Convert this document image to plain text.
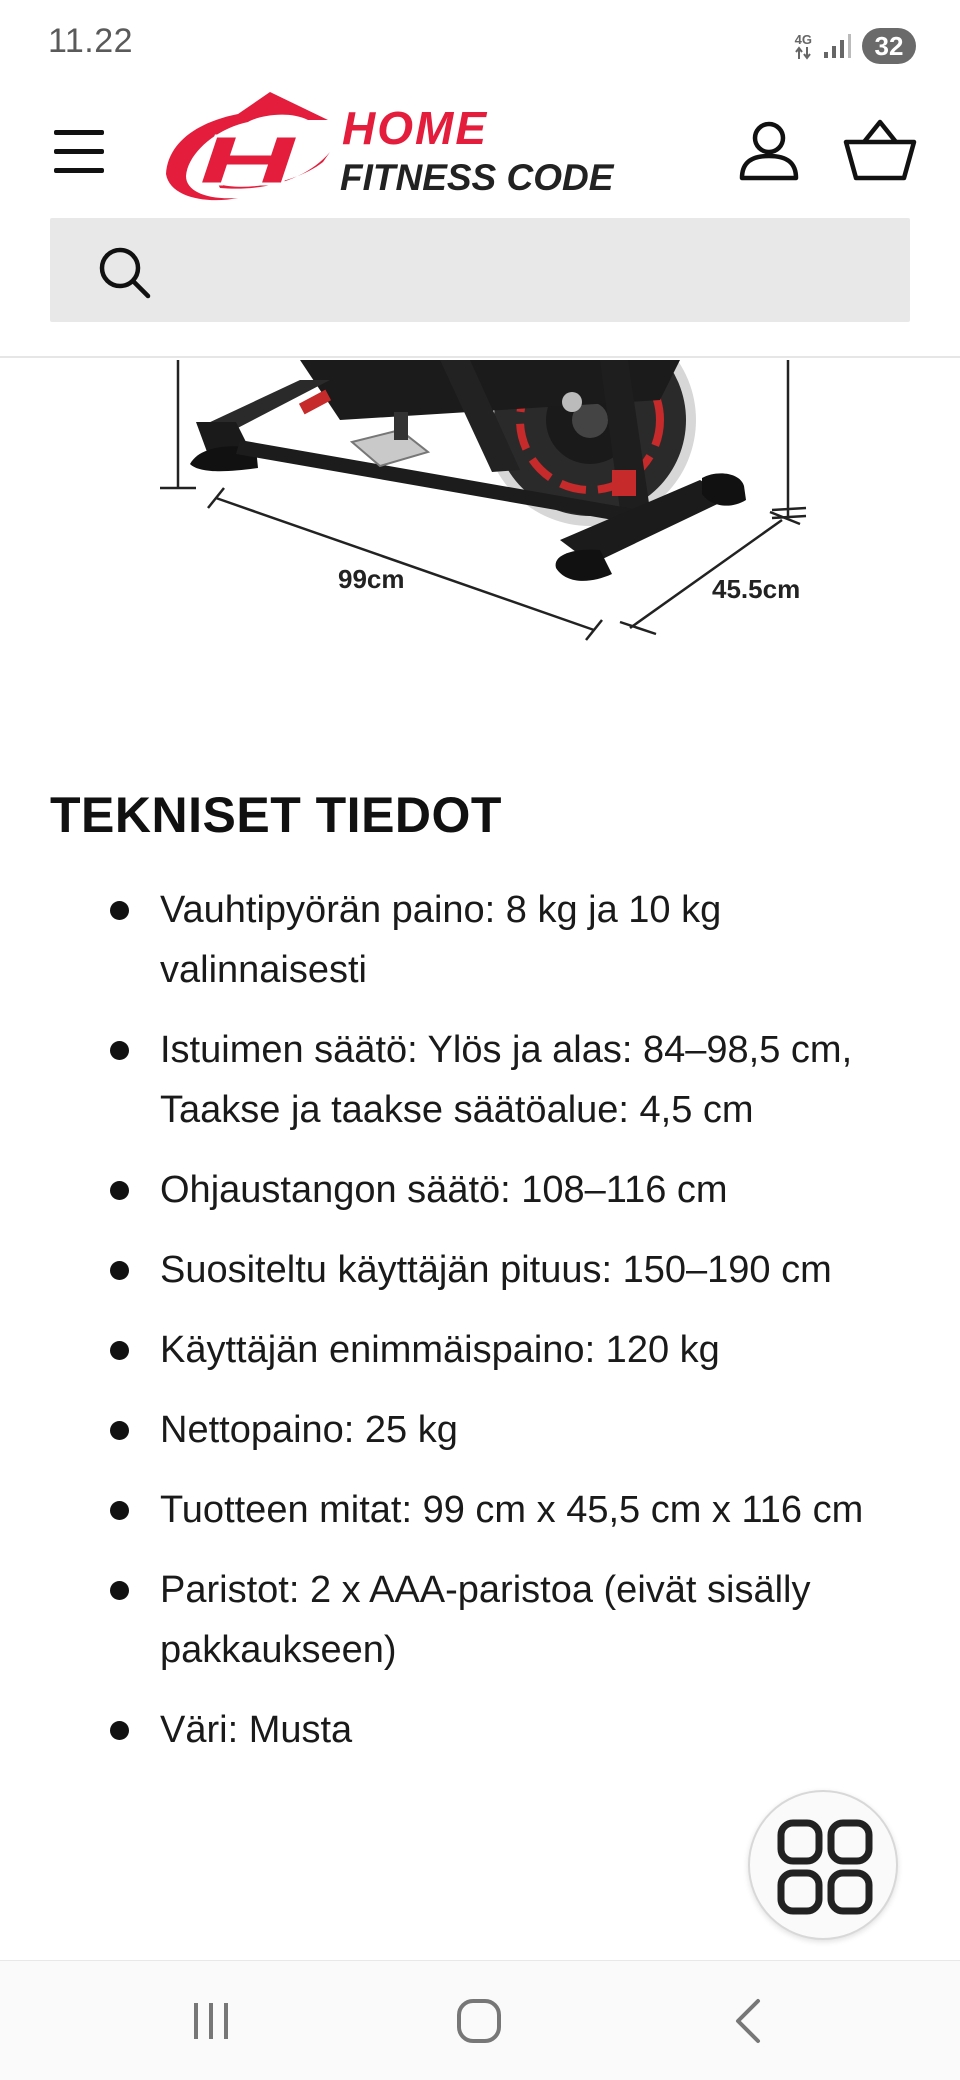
11.22	4G	32
HOME
FITNESS CODE
99cm	45.5cm
TEKNISET TIEDOT
Vauhtipyörän paino: 8 kg ja 10 kg valinnaisesti
Istuimen säätö: Ylös ja alas: 84–98,5 cm, Taakse ja taakse säätöalue: 4,5 cm
Ohjaustangon säätö: 108–116 cm
Suositeltu käyttäjän pituus: 150–190 cm
Käyttäjän enimmäispaino: 120 kg
Nettopaino: 25 kg
Tuotteen mitat: 99 cm x 45,5 cm x 116 cm
Paristot: 2 x AAA-paristoa (eivät sisälly pakkaukseen)
Väri: Musta
